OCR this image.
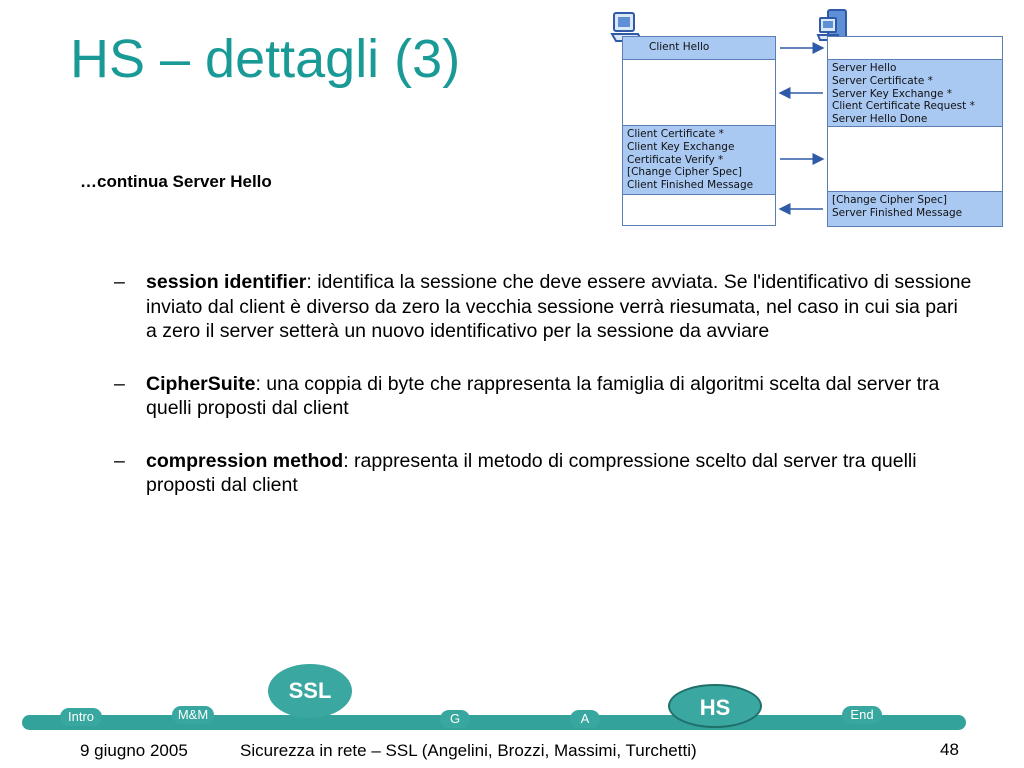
HS – dettagli (3)
…continua Server Hello
Client Hello
Client Certificate *
Client Key Exchange
Certificate Verify *
[Change Cipher Spec]
Client Finished Message
Server Hello
Server Certificate *
Server Key Exchange *
Client Certificate Request *
Server Hello Done
[Change Cipher Spec]
Server Finished Message
– session identifier: identifica la sessione che deve essere avviata. Se l'identificativo di sessione inviato dal client è diverso da zero la vecchia sessione verrà riesumata, nel caso in cui sia pari a zero il server setterà un nuovo identificativo per la sessione da avviare
– CipherSuite: una coppia di byte che rappresenta la famiglia di algoritmi scelta dal server tra quelli proposti dal client
– compression method: rappresenta il metodo di compressione scelto dal server tra quelli proposti dal client
Intro	M&M
SSL
G	A	HS	End
9 giugno 2005	Sicurezza in rete – SSL (Angelini, Brozzi, Massimi, Turchetti)	48
